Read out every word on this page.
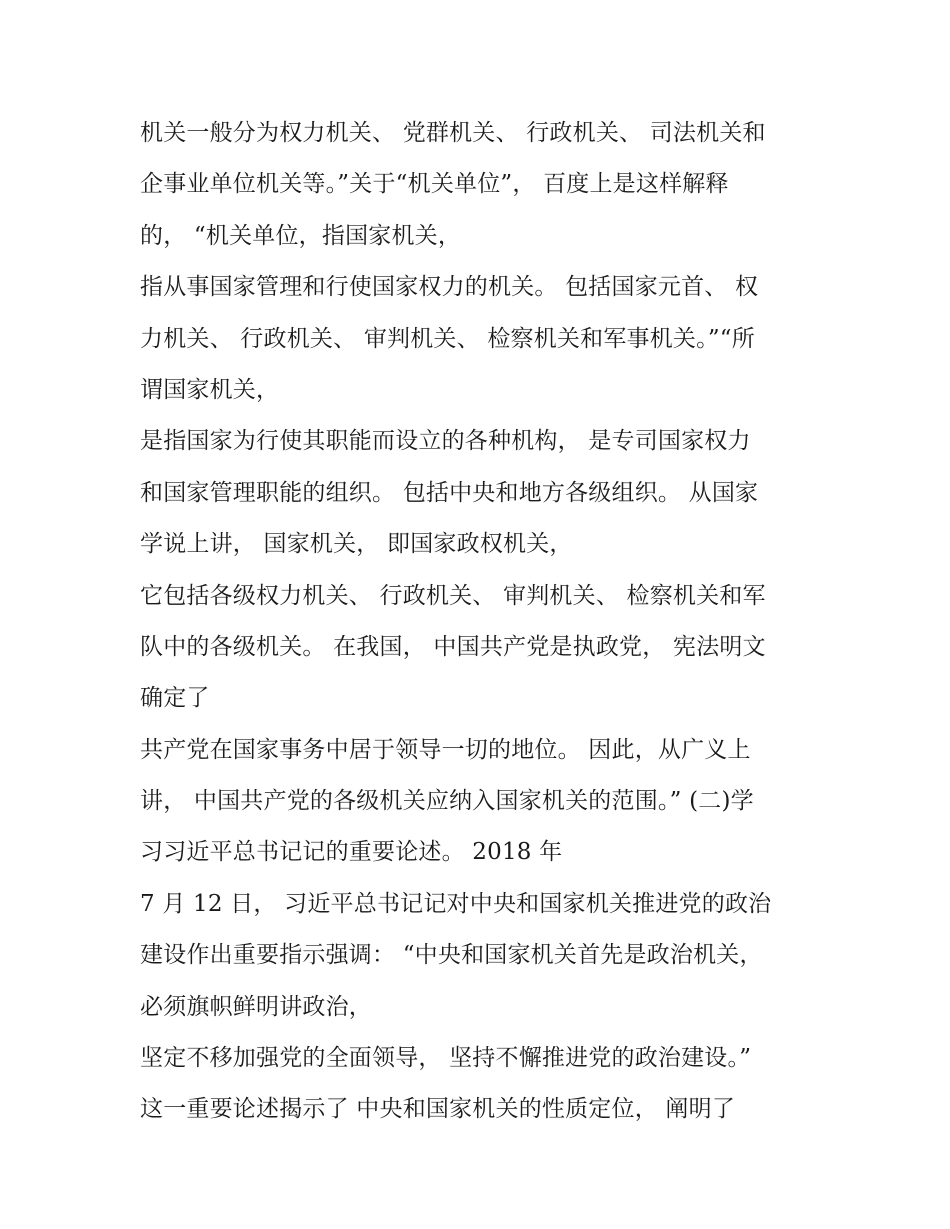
机关一般分为权力机关、 党群机关、 行政机关、 司法机关和
企事业单位机关等。”关于“机关单位”， 百度上是这样解释
的， “机关单位，指国家机关，
指从事国家管理和行使国家权力的机关。 包括国家元首、 权
力机关、 行政机关、 审判机关、 检察机关和军事机关。”“所
谓国家机关，
是指国家为行使其职能而设立的各种机构， 是专司国家权力
和国家管理职能的组织。 包括中央和地方各级组织。 从国家
学说上讲， 国家机关， 即国家政权机关，
它包括各级权力机关、 行政机关、 审判机关、 检察机关和军
队中的各级机关。 在我国， 中国共产党是执政党， 宪法明文
确定了
共产党在国家事务中居于领导一切的地位。 因此，从广义上
讲， 中国共产党的各级机关应纳入国家机关的范围。” (二)学
习习近平总书记记的重要论述。 2018 年
7 月 12 日， 习近平总书记记对中央和国家机关推进党的政治
建设作出重要指示强调： “中央和国家机关首先是政治机关，
必须旗帜鲜明讲政治，
坚定不移加强党的全面领导， 坚持不懈推进党的政治建设。”
这一重要论述揭示了 中央和国家机关的性质定位， 阐明了
